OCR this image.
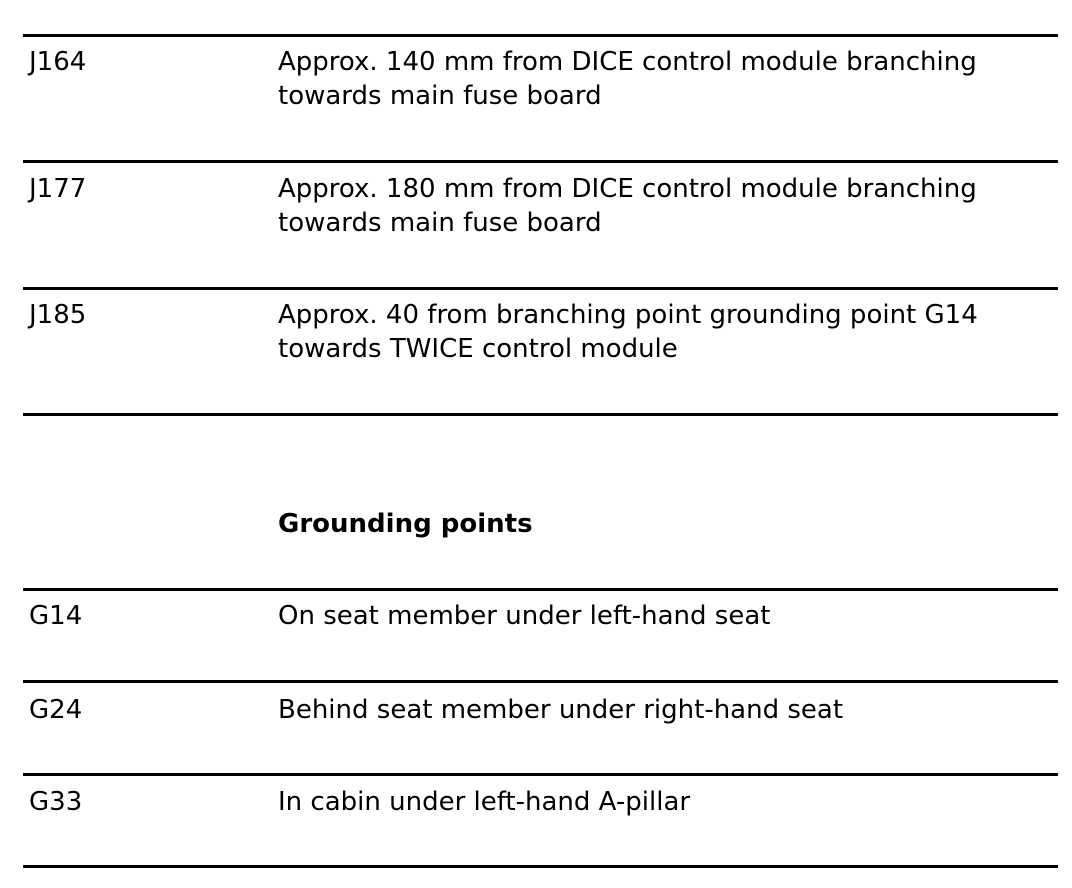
J164	Approx. 140 mm from DICE control module branching towards main fuse board
J177	Approx. 180 mm from DICE control module branching towards main fuse board
J185	Approx. 40 from branching point grounding point G14 towards TWICE control module
Grounding points
G14	On seat member under left-hand seat
G24	Behind seat member under right-hand seat
G33	In cabin under left-hand A-pillar
